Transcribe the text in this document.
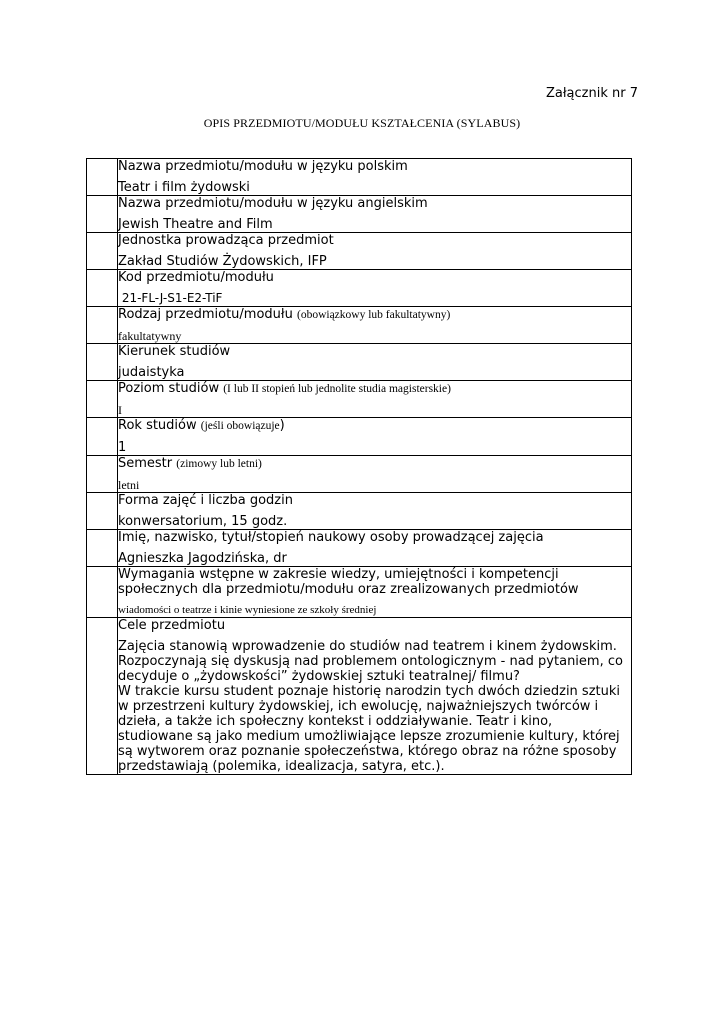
Załącznik nr 7
OPIS PRZEDMIOTU/MODUŁU KSZTAŁCENIA (SYLABUS)

	Nazwa przedmiotu/modułu w języku polskim
Teatr i film żydowski

	Nazwa przedmiotu/modułu w języku angielskim
Jewish Theatre and Film

	Jednostka prowadząca przedmiot
Zakład Studiów Żydowskich, IFP

	Kod przedmiotu/modułu
21-FL-J-S1-E2-TiF

	Rodzaj przedmiotu/modułu (obowiązkowy lub fakultatywny)
fakultatywny

	Kierunek studiów
judaistyka

	Poziom studiów (I lub II stopień lub jednolite studia magisterskie)
I

	Rok studiów (jeśli obowiązuje)
1

	Semestr (zimowy lub letni)
letni

	Forma zajęć i liczba godzin
konwersatorium, 15 godz.

	Imię, nazwisko, tytuł/stopień naukowy osoby prowadzącej zajęcia
Agnieszka Jagodzińska, dr

	Wymagania wstępne w zakresie wiedzy, umiejętności i kompetencji społecznych dla przedmiotu/modułu oraz zrealizowanych przedmiotów
wiadomości o teatrze i kinie wyniesione ze szkoły średniej

	Cele przedmiotu
Zajęcia stanowią wprowadzenie do studiów nad teatrem i kinem żydowskim. Rozpoczynają się dyskusją nad problemem ontologicznym - nad pytaniem, co decyduje o „żydowskości” żydowskiej sztuki teatralnej/ filmu?
W trakcie kursu student poznaje historię narodzin tych dwóch dziedzin sztuki w przestrzeni kultury żydowskiej, ich ewolucję, najważniejszych twórców i dzieła, a także ich społeczny kontekst i oddziaływanie. Teatr i kino, studiowane są jako medium umożliwiające lepsze zrozumienie kultury, której są wytworem oraz poznanie społeczeństwa, którego obraz na różne sposoby przedstawiają (polemika, idealizacja, satyra, etc.).
